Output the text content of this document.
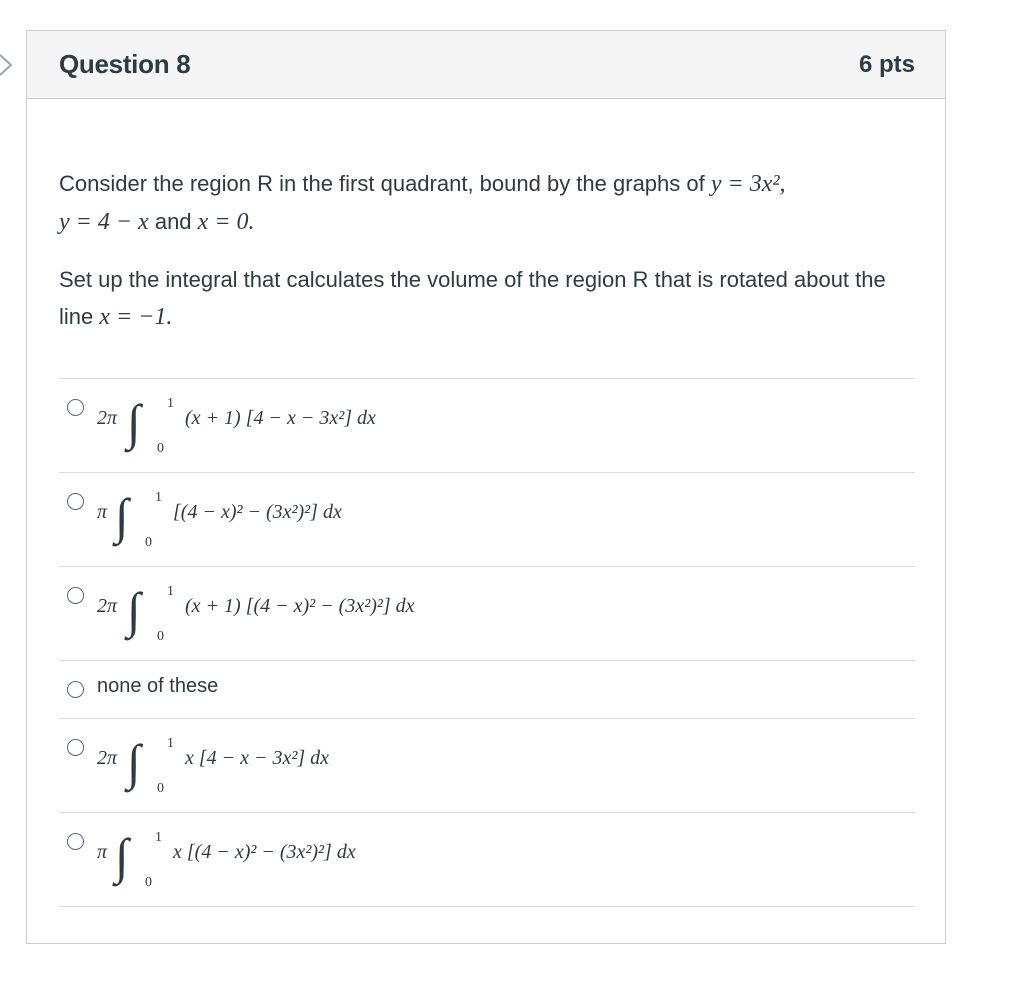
Question 8	6 pts

Consider the region R in the first quadrant, bound by the graphs of y = 3x²,
y = 4 − x and x = 0.

Set up the integral that calculates the volume of the region R that is rotated about the line x = −1.

2π ∫ 1
0
(x + 1) [4 − x − 3x²] dx
π ∫ 1
0
[(4 − x)² − (3x²)²] dx
2π ∫ 1
0
(x + 1) [(4 − x)² − (3x²)²] dx
none of these
2π ∫ 1
0
x [4 − x − 3x²] dx
π ∫ 1
0
x [(4 − x)² − (3x²)²] dx
